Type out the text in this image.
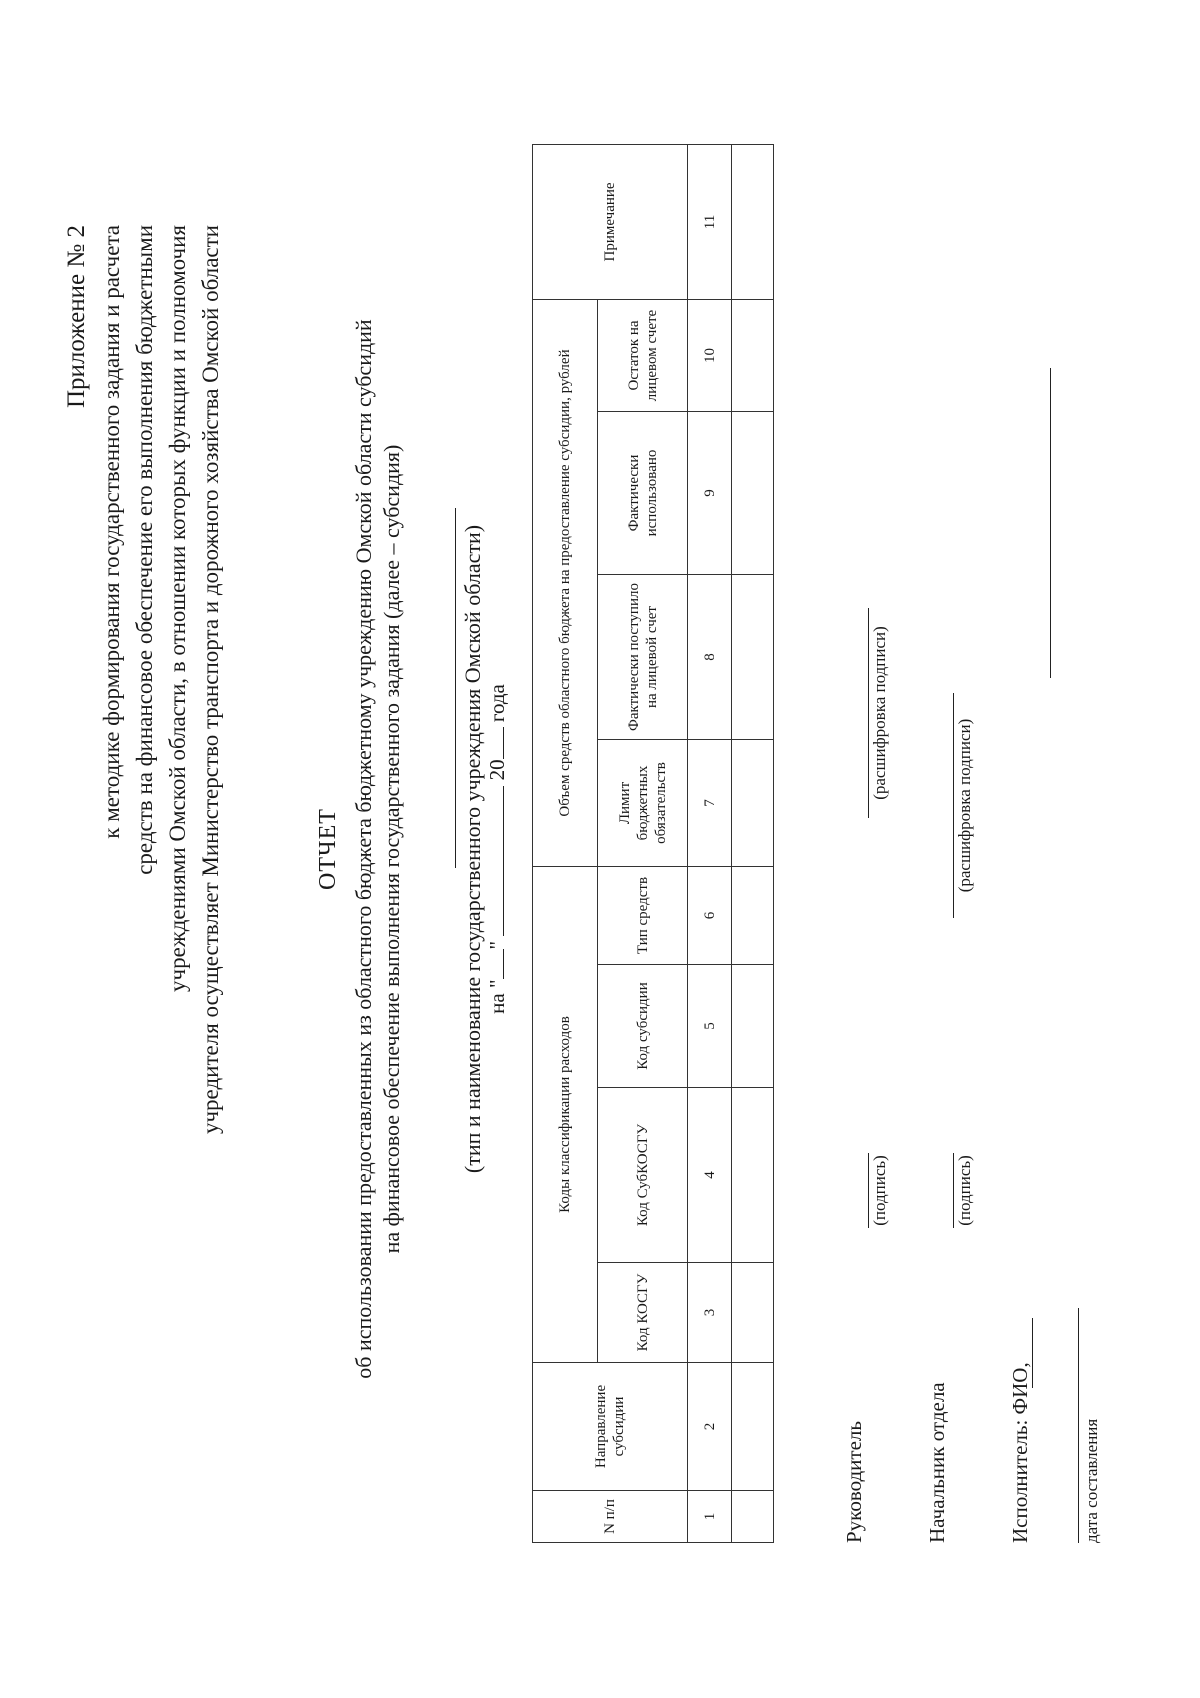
Приложение № 2 к методике формирования государственного задания и расчета средств на финансовое обеспечение его выполнения бюджетными учреждениями Омской области, в отношении которых функции и полномочия учредителя осуществляет Министерство транспорта и дорожного хозяйства Омской области	ОТЧЕТ об использовании предоставленных из областного бюджета бюджетному учреждению Омской области субсидий на финансовое обеспечение выполнения государственного задания (далее – субсидия)	(тип и наименование государственного учреждения Омской области) на ""  20 года
N п/п	Направление субсидии	Коды классификации расходов				Объем средств областного бюджета на предоставление субсидии, рублей				Примечание
		Код КОСГУ	Код СубКОСГУ	Код субсидии	Тип средств	Лимит бюджетных обязательств	Фактически поступило на лицевой счет	Фактически использовано	Остаток на лицевом счете	
1	2	3	4	5	6	7	8	9	10	11

Руководитель
(подпись)
(расшифровка подписи)
Начальник отдела
(подпись)
(расшифровка подписи)
Исполнитель: ФИО,	дата составления
